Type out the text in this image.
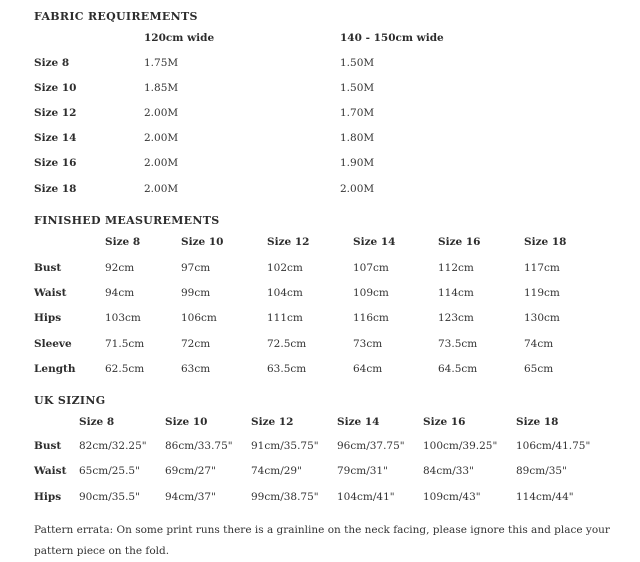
FABRIC REQUIREMENTS
120cm wide	140 - 150cm wide
Size 8	1.75M	1.50M
Size 10	1.85M	1.50M
Size 12	2.00M	1.70M
Size 14	2.00M	1.80M
Size 16	2.00M	1.90M
Size 18	2.00M	2.00M
FINISHED MEASUREMENTS
Size 8	Size 10	Size 12	Size 14	Size 16	Size 18
Bust	92cm	97cm	102cm	107cm	112cm	117cm
Waist	94cm	99cm	104cm	109cm	114cm	119cm
Hips	103cm	106cm	111cm	116cm	123cm	130cm
Sleeve	71.5cm	72cm	72.5cm	73cm	73.5cm	74cm
Length	62.5cm	63cm	63.5cm	64cm	64.5cm	65cm
UK SIZING
Size 8	Size 10	Size 12	Size 14	Size 16	Size 18
Bust 82cm/32.25" 86cm/33.75" 91cm/35.75" 96cm/37.75" 100cm/39.25" 106cm/41.75"
Waist 65cm/25.5" 69cm/27"	74cm/29"	79cm/31"	84cm/33"	89cm/35"
Hips 90cm/35.5" 94cm/37"	99cm/38.75" 104cm/41"	109cm/43"	114cm/44"

Pattern errata: On some print runs there is a grainline on the neck facing, please ignore this and place your pattern piece on the fold.
